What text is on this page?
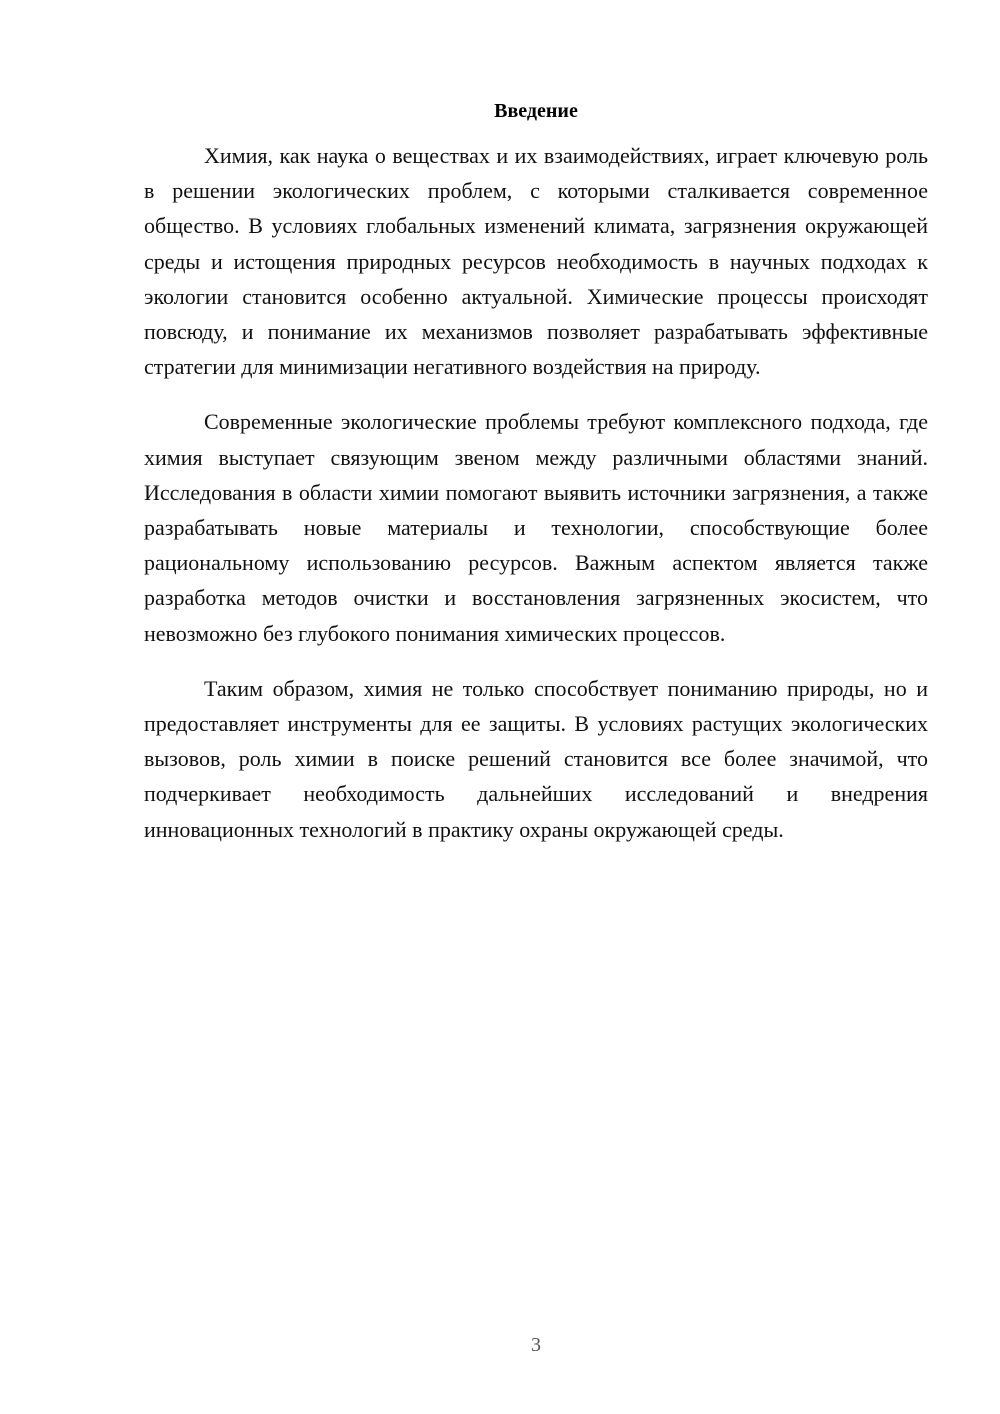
Введение

Химия, как наука о веществах и их взаимодействиях, играет ключевую роль в решении экологических проблем, с которыми сталкивается современное общество. В условиях глобальных изменений климата, загрязнения окружающей среды и истощения природных ресурсов необходимость в научных подходах к экологии становится особенно актуальной. Химические процессы происходят повсюду, и понимание их механизмов позволяет разрабатывать эффективные стратегии для минимизации негативного воздействия на природу.

Современные экологические проблемы требуют комплексного подхода, где химия выступает связующим звеном между различными областями знаний. Исследования в области химии помогают выявить источники загрязнения, а также разрабатывать новые материалы и технологии, способствующие более рациональному использованию ресурсов. Важным аспектом является также разработка методов очистки и восстановления загрязненных экосистем, что невозможно без глубокого понимания химических процессов.

Таким образом, химия не только способствует пониманию природы, но и предоставляет инструменты для ее защиты. В условиях растущих экологических вызовов, роль химии в поиске решений становится все более значимой, что подчеркивает необходимость дальнейших исследований и внедрения инновационных технологий в практику охраны окружающей среды.

3
